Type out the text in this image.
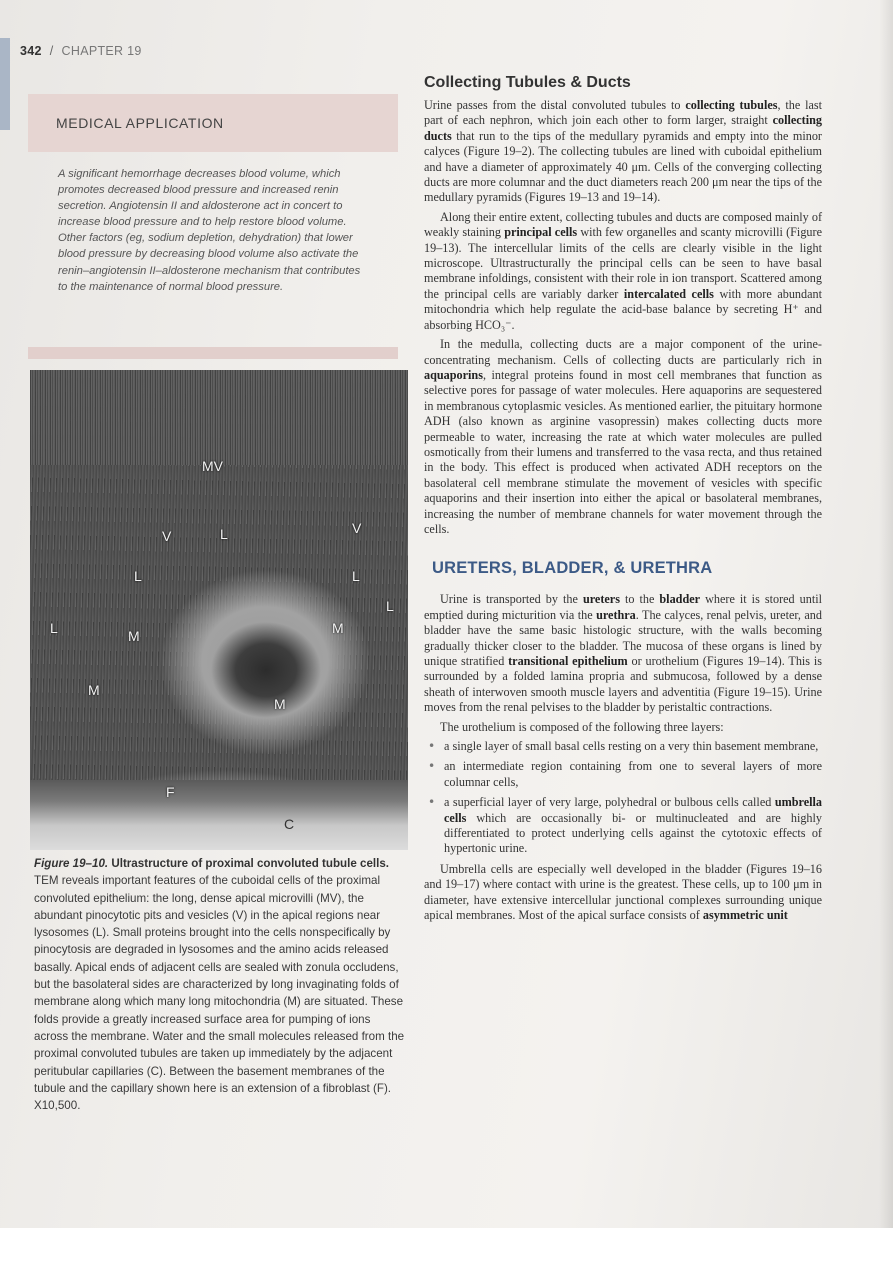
342 / CHAPTER 19
MEDICAL APPLICATION
A significant hemorrhage decreases blood volume, which promotes decreased blood pressure and increased renin secretion. Angiotensin II and aldosterone act in concert to increase blood pressure and to help restore blood volume. Other factors (eg, sodium depletion, dehydration) that lower blood pressure by decreasing blood volume also activate the renin–angiotensin II–aldosterone mechanism that contributes to the maintenance of normal blood pressure.
MV
V	L	V
L
L
L	M	M
M
M
L
F
C
Figure 19–10. Ultrastructure of proximal convoluted tubule cells. TEM reveals important features of the cuboidal cells of the proximal convoluted epithelium: the long, dense apical microvilli (MV), the abundant pinocytotic pits and vesicles (V) in the apical regions near lysosomes (L). Small proteins brought into the cells nonspecifically by pinocytosis are degraded in lysosomes and the amino acids released basally. Apical ends of adjacent cells are sealed with zonula occludens, but the basolateral sides are characterized by long invaginating folds of membrane along which many long mitochondria (M) are situated. These folds provide a greatly increased surface area for pumping of ions across the membrane. Water and the small molecules released from the proximal convoluted tubules are taken up immediately by the adjacent peritubular capillaries (C). Between the basement membranes of the tubule and the capillary shown here is an extension of a fibroblast (F). X10,500.
Collecting Tubules & Ducts

Urine passes from the distal convoluted tubules to collecting tubules, the last part of each nephron, which join each other to form larger, straight collecting ducts that run to the tips of the medullary pyramids and empty into the minor calyces (Figure 19–2). The collecting tubules are lined with cuboidal epithelium and have a diameter of approximately 40 μm. Cells of the converging collecting ducts are more columnar and the duct diameters reach 200 μm near the tips of the medullary pyramids (Figures 19–13 and 19–14).

Along their entire extent, collecting tubules and ducts are composed mainly of weakly staining principal cells with few organelles and scanty microvilli (Figure 19–13). The intercellular limits of the cells are clearly visible in the light microscope. Ultrastructurally the principal cells can be seen to have basal membrane infoldings, consistent with their role in ion transport. Scattered among the principal cells are variably darker intercalated cells with more abundant mitochondria which help regulate the acid-base balance by secreting H⁺ and absorbing HCO₃⁻.

In the medulla, collecting ducts are a major component of the urine-concentrating mechanism. Cells of collecting ducts are particularly rich in aquaporins, integral proteins found in most cell membranes that function as selective pores for passage of water molecules. Here aquaporins are sequestered in membranous cytoplasmic vesicles. As mentioned earlier, the pituitary hormone ADH (also known as arginine vasopressin) makes collecting ducts more permeable to water, increasing the rate at which water molecules are pulled osmotically from their lumens and transferred to the vasa recta, and thus retained in the body. This effect is produced when activated ADH receptors on the basolateral cell membrane stimulate the movement of vesicles with specific aquaporins and their insertion into either the apical or basolateral membranes, increasing the number of membrane channels for water movement through the cells.

URETERS, BLADDER, & URETHRA

Urine is transported by the ureters to the bladder where it is stored until emptied during micturition via the urethra. The calyces, renal pelvis, ureter, and bladder have the same basic histologic structure, with the walls becoming gradually thicker closer to the bladder. The mucosa of these organs is lined by unique stratified transitional epithelium or urothelium (Figures 19–14). This is surrounded by a folded lamina propria and submucosa, followed by a dense sheath of interwoven smooth muscle layers and adventitia (Figure 19–15). Urine moves from the renal pelvises to the bladder by peristaltic contractions.

The urothelium is composed of the following three layers:

• a single layer of small basal cells resting on a very thin basement membrane,
• an intermediate region containing from one to several layers of more columnar cells,
• a superficial layer of very large, polyhedral or bulbous cells called umbrella cells which are occasionally bi- or multinucleated and are highly differentiated to protect underlying cells against the cytotoxic effects of hypertonic urine.

Umbrella cells are especially well developed in the bladder (Figures 19–16 and 19–17) where contact with urine is the greatest. These cells, up to 100 μm in diameter, have extensive intercellular junctional complexes surrounding unique apical membranes. Most of the apical surface consists of asymmetric unit
